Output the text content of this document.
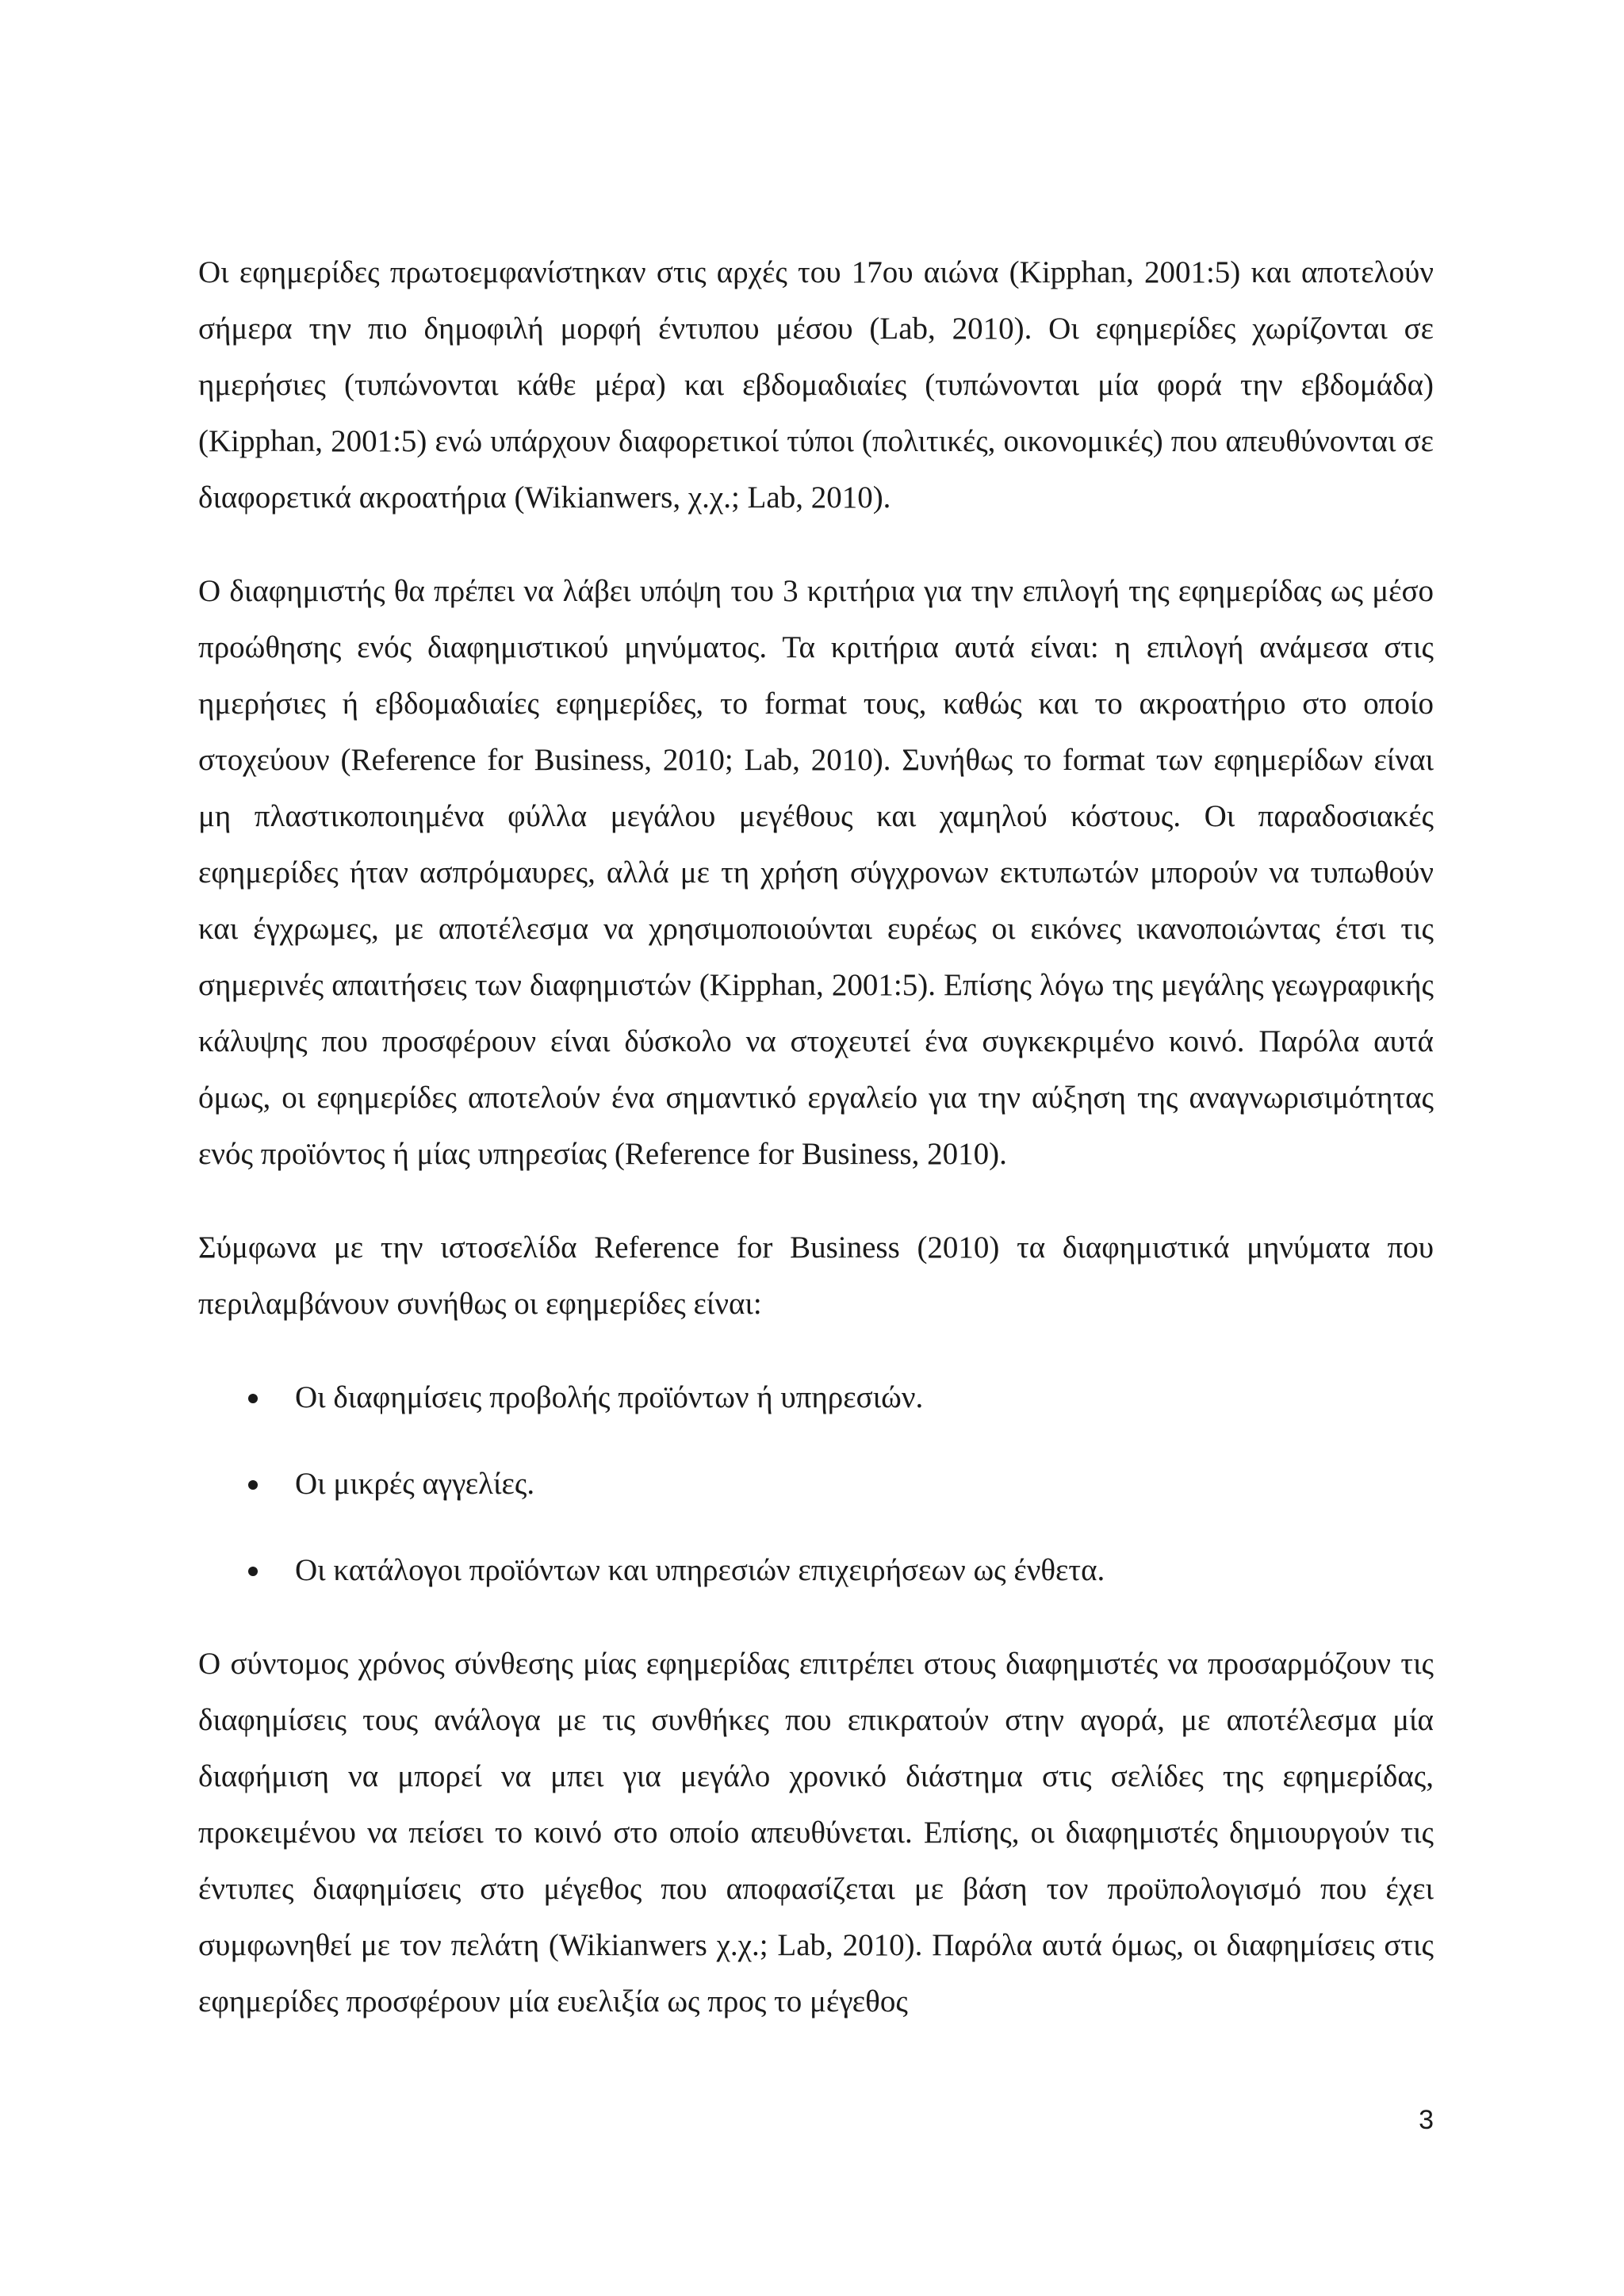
Οι εφημερίδες πρωτοεμφανίστηκαν στις αρχές του 17ου αιώνα (Kipphan, 2001:5) και αποτελούν σήμερα την πιο δημοφιλή μορφή έντυπου μέσου (Lab, 2010). Οι εφημερίδες χωρίζονται σε ημερήσιες (τυπώνονται κάθε μέρα) και εβδομαδιαίες (τυπώνονται μία φορά την εβδομάδα) (Kipphan, 2001:5) ενώ υπάρχουν διαφορετικοί τύποι (πολιτικές, οικονομικές) που απευθύνονται σε διαφορετικά ακροατήρια (Wikianwers, χ.χ.; Lab, 2010).

Ο διαφημιστής θα πρέπει να λάβει υπόψη του 3 κριτήρια για την επιλογή της εφημερίδας ως μέσο προώθησης ενός διαφημιστικού μηνύματος. Τα κριτήρια αυτά είναι: η επιλογή ανάμεσα στις ημερήσιες ή εβδομαδιαίες εφημερίδες, το format τους, καθώς και το ακροατήριο στο οποίο στοχεύουν (Reference for Business, 2010; Lab, 2010). Συνήθως το format των εφημερίδων είναι μη πλαστικοποιημένα φύλλα μεγάλου μεγέθους και χαμηλού κόστους. Οι παραδοσιακές εφημερίδες ήταν ασπρόμαυρες, αλλά με τη χρήση σύγχρονων εκτυπωτών μπορούν να τυπωθούν και έγχρωμες, με αποτέλεσμα να χρησιμοποιούνται ευρέως οι εικόνες ικανοποιώντας έτσι τις σημερινές απαιτήσεις των διαφημιστών (Kipphan, 2001:5). Επίσης λόγω της μεγάλης γεωγραφικής κάλυψης που προσφέρουν είναι δύσκολο να στοχευτεί ένα συγκεκριμένο κοινό. Παρόλα αυτά όμως, οι εφημερίδες αποτελούν ένα σημαντικό εργαλείο για την αύξηση της αναγνωρισιμότητας ενός προϊόντος ή μίας υπηρεσίας (Reference for Business, 2010).

Σύμφωνα με την ιστοσελίδα Reference for Business (2010) τα διαφημιστικά μηνύματα που περιλαμβάνουν συνήθως οι εφημερίδες είναι:

Οι διαφημίσεις προβολής προϊόντων ή υπηρεσιών.
Οι μικρές αγγελίες.
Οι κατάλογοι προϊόντων και υπηρεσιών επιχειρήσεων ως ένθετα.

Ο σύντομος χρόνος σύνθεσης μίας εφημερίδας επιτρέπει στους διαφημιστές να προσαρμόζουν τις διαφημίσεις τους ανάλογα με τις συνθήκες που επικρατούν στην αγορά, με αποτέλεσμα μία διαφήμιση να μπορεί να μπει για μεγάλο χρονικό διάστημα στις σελίδες της εφημερίδας, προκειμένου να πείσει το κοινό στο οποίο απευθύνεται. Επίσης, οι διαφημιστές δημιουργούν τις έντυπες διαφημίσεις στο μέγεθος που αποφασίζεται με βάση τον προϋπολογισμό που έχει συμφωνηθεί με τον πελάτη (Wikianwers χ.χ.; Lab, 2010). Παρόλα αυτά όμως, οι διαφημίσεις στις εφημερίδες προσφέρουν μία ευελιξία ως προς το μέγεθος

3
